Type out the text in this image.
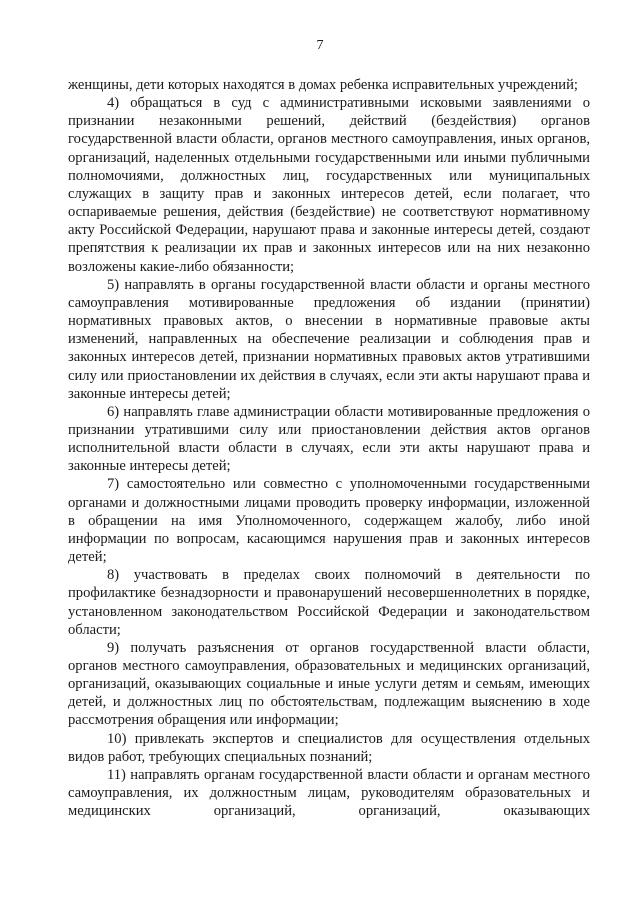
7

женщины, дети которых находятся в домах ребенка исправительных учреждений;

4) обращаться в суд с административными исковыми заявлениями о признании незаконными решений, действий (бездействия) органов государственной власти области, органов местного самоуправления, иных органов, организаций, наделенных отдельными государственными или иными публичными полномочиями, должностных лиц, государственных или муниципальных служащих в защиту прав и законных интересов детей, если полагает, что оспариваемые решения, действия (бездействие) не соответствуют нормативному акту Российской Федерации, нарушают права и законные интересы детей, создают препятствия к реализации их прав и законных интересов или на них незаконно возложены какие-либо обязанности;

5) направлять в органы государственной власти области и органы местного самоуправления мотивированные предложения об издании (принятии) нормативных правовых актов, о внесении в нормативные правовые акты изменений, направленных на обеспечение реализации и соблюдения прав и законных интересов детей, признании нормативных правовых актов утратившими силу или приостановлении их действия в случаях, если эти акты нарушают права и законные интересы детей;

6) направлять главе администрации области мотивированные предложения о признании утратившими силу или приостановлении действия актов органов исполнительной власти области в случаях, если эти акты нарушают права и законные интересы детей;

7) самостоятельно или совместно с уполномоченными государственными органами и должностными лицами проводить проверку информации, изложенной в обращении на имя Уполномоченного, содержащем жалобу, либо иной информации по вопросам, касающимся нарушения прав и законных интересов детей;

8) участвовать в пределах своих полномочий в деятельности по профилактике безнадзорности и правонарушений несовершеннолетних в порядке, установленном законодательством Российской Федерации и законодательством области;

9) получать разъяснения от органов государственной власти области, органов местного самоуправления, образовательных и медицинских организаций, организаций, оказывающих социальные и иные услуги детям и семьям, имеющих детей, и должностных лиц по обстоятельствам, подлежащим выяснению в ходе рассмотрения обращения или информации;

10) привлекать экспертов и специалистов для осуществления отдельных видов работ, требующих специальных познаний;

11) направлять органам государственной власти области и органам местного самоуправления, их должностным лицам, руководителям образовательных и медицинских организаций, организаций, оказывающих
